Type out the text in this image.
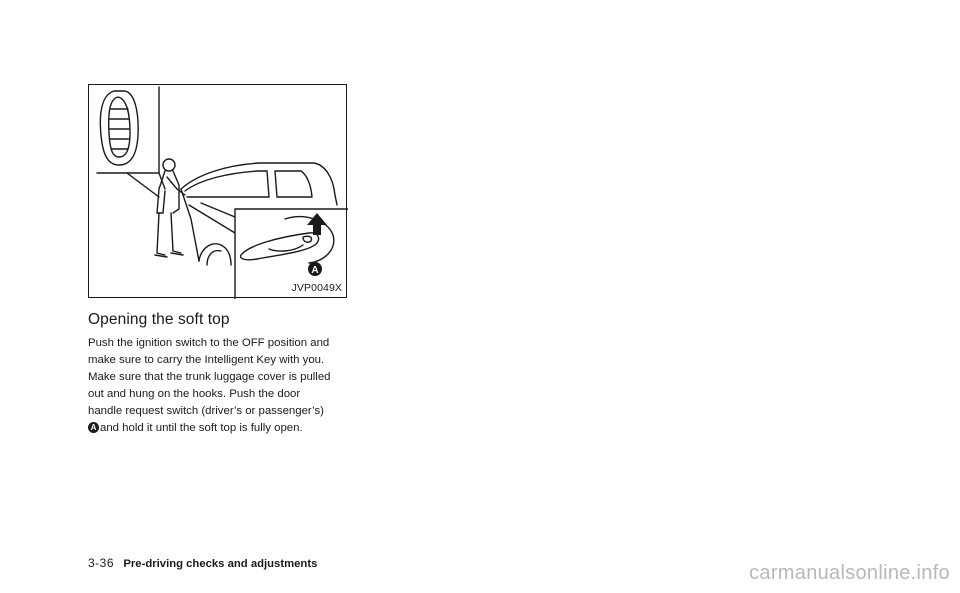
A
JVP0049X
Opening the soft top

Push the ignition switch to the OFF position and
make sure to carry the Intelligent Key with you.
Make sure that the trunk luggage cover is pulled
out and hung on the hooks. Push the door
handle request switch (driver’s or passenger’s)
A and hold it until the soft top is fully open.

3-36 Pre-driving checks and adjustments	carmanualsonline.info
